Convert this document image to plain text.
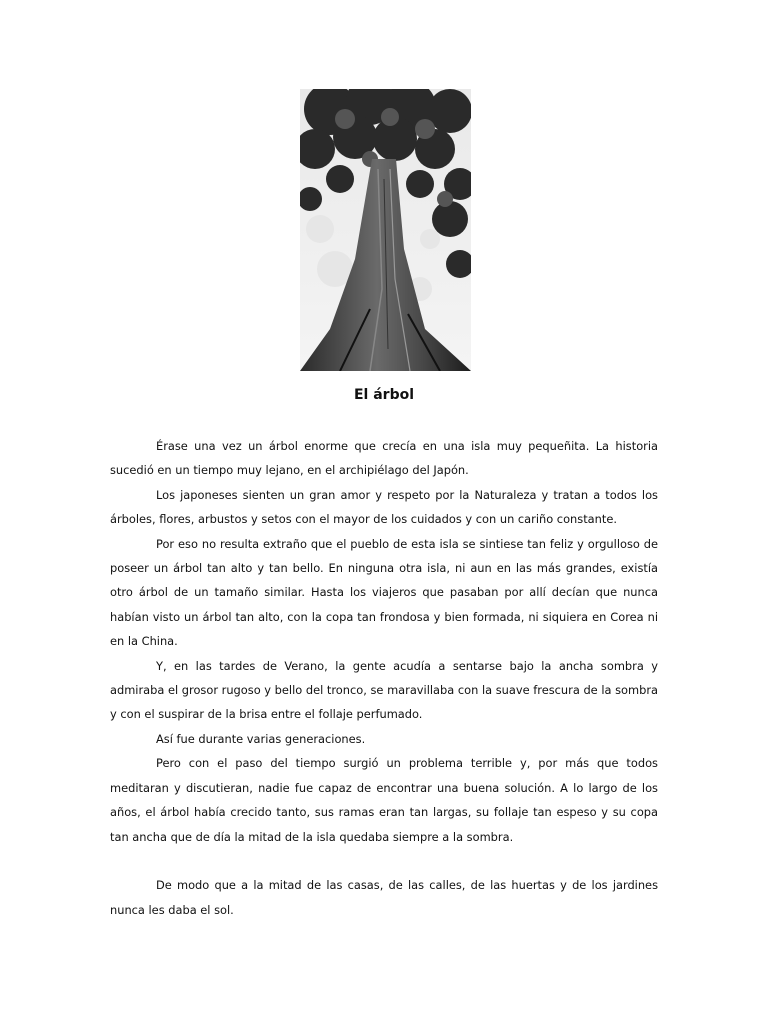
El árbol

Érase una vez un árbol enorme que crecía en una isla muy pequeñita. La historia sucedió en un tiempo muy lejano, en el archipiélago del Japón.

Los japoneses sienten un gran amor y respeto por la Naturaleza y tratan a todos los árboles, flores, arbustos y setos con el mayor de los cuidados y con un cariño constante.

Por eso no resulta extraño que el pueblo de esta isla se sintiese tan feliz y orgulloso de poseer un árbol tan alto y tan bello. En ninguna otra isla, ni aun en las más grandes, existía otro árbol de un tamaño similar. Hasta los viajeros que pasaban por allí decían que nunca habían visto un árbol tan alto, con la copa tan frondosa y bien formada, ni siquiera en Corea ni en la China.

Y, en las tardes de Verano, la gente acudía a sentarse bajo la ancha sombra y admiraba el grosor rugoso y bello del tronco, se maravillaba con la suave frescura de la sombra y con el suspirar de la brisa entre el follaje perfumado.

Así fue durante varias generaciones.

Pero con el paso del tiempo surgió un problema terrible y, por más que todos meditaran y discutieran, nadie fue capaz de encontrar una buena solución. A lo largo de los años, el árbol había crecido tanto, sus ramas eran tan largas, su follaje tan espeso y su copa tan ancha que de día la mitad de la isla quedaba siempre a la sombra.

De modo que a la mitad de las casas, de las calles, de las huertas y de los jardines nunca les daba el sol.
